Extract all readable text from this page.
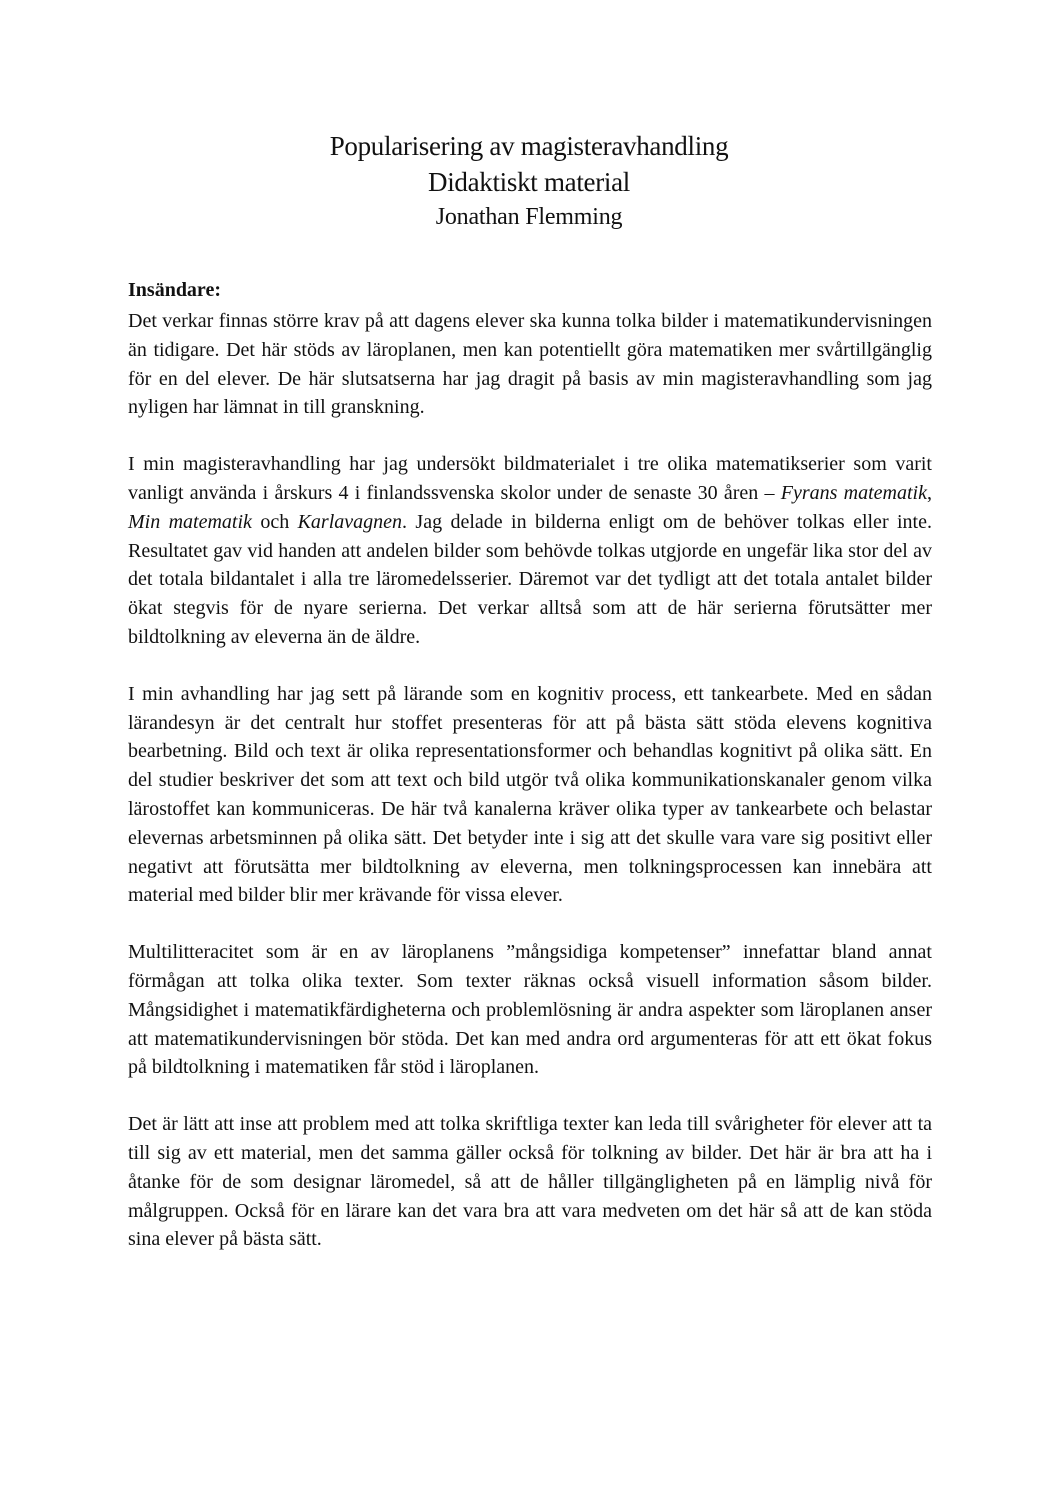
Popularisering av magisteravhandling
Didaktiskt material
Jonathan Flemming
Insändare:

Det verkar finnas större krav på att dagens elever ska kunna tolka bilder i matematikundervisningen än tidigare. Det här stöds av läroplanen, men kan potentiellt göra matematiken mer svårtillgänglig för en del elever. De här slutsatserna har jag dragit på basis av min magisteravhandling som jag nyligen har lämnat in till granskning.

I min magisteravhandling har jag undersökt bildmaterialet i tre olika matematikserier som varit vanligt använda i årskurs 4 i finlandssvenska skolor under de senaste 30 åren – Fyrans matematik, Min matematik och Karlavagnen. Jag delade in bilderna enligt om de behöver tolkas eller inte. Resultatet gav vid handen att andelen bilder som behövde tolkas utgjorde en ungefär lika stor del av det totala bildantalet i alla tre läromedelsserier. Däremot var det tydligt att det totala antalet bilder ökat stegvis för de nyare serierna. Det verkar alltså som att de här serierna förutsätter mer bildtolkning av eleverna än de äldre.

I min avhandling har jag sett på lärande som en kognitiv process, ett tankearbete. Med en sådan lärandesyn är det centralt hur stoffet presenteras för att på bästa sätt stöda elevens kognitiva bearbetning. Bild och text är olika representationsformer och behandlas kognitivt på olika sätt. En del studier beskriver det som att text och bild utgör två olika kommunikationskanaler genom vilka lärostoffet kan kommuniceras. De här två kanalerna kräver olika typer av tankearbete och belastar elevernas arbetsminnen på olika sätt. Det betyder inte i sig att det skulle vara vare sig positivt eller negativt att förutsätta mer bildtolkning av eleverna, men tolkningsprocessen kan innebära att material med bilder blir mer krävande för vissa elever.

Multilitteracitet som är en av läroplanens ”mångsidiga kompetenser” innefattar bland annat förmågan att tolka olika texter. Som texter räknas också visuell information såsom bilder. Mångsidighet i matematikfärdigheterna och problemlösning är andra aspekter som läroplanen anser att matematikundervisningen bör stöda. Det kan med andra ord argumenteras för att ett ökat fokus på bildtolkning i matematiken får stöd i läroplanen.

Det är lätt att inse att problem med att tolka skriftliga texter kan leda till svårigheter för elever att ta till sig av ett material, men det samma gäller också för tolkning av bilder. Det här är bra att ha i åtanke för de som designar läromedel, så att de håller tillgängligheten på en lämplig nivå för målgruppen. Också för en lärare kan det vara bra att vara medveten om det här så att de kan stöda sina elever på bästa sätt.
